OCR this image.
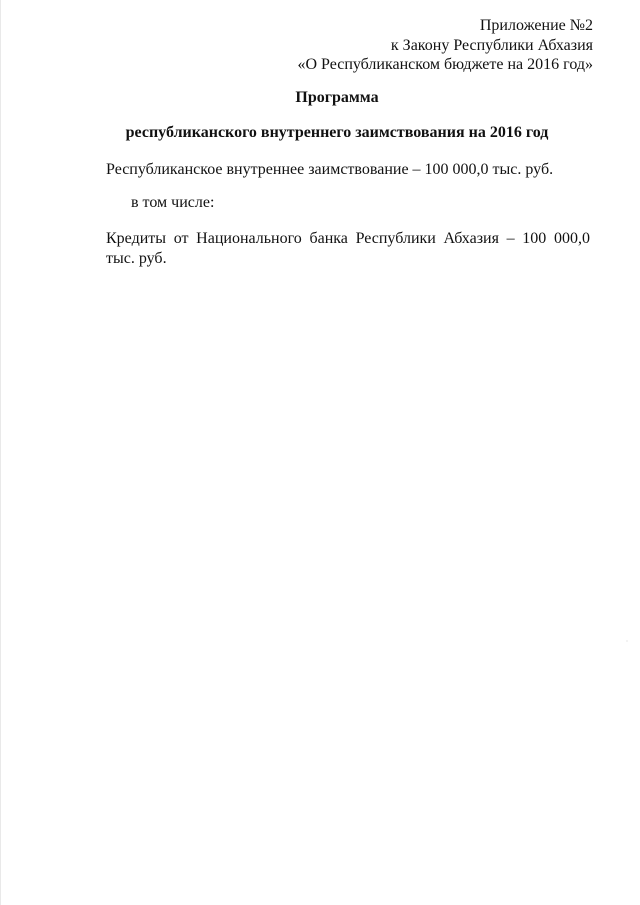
Приложение №2
к Закону Республики Абхазия
«О Республиканском бюджете на 2016 год»
Программа
республиканского внутреннего заимствования на 2016 год
Республиканское внутреннее заимствование – 100 000,0 тыс. руб.
в том числе:
Кредиты от Национального банка Республики Абхазия – 100 000,0 тыс. руб.
